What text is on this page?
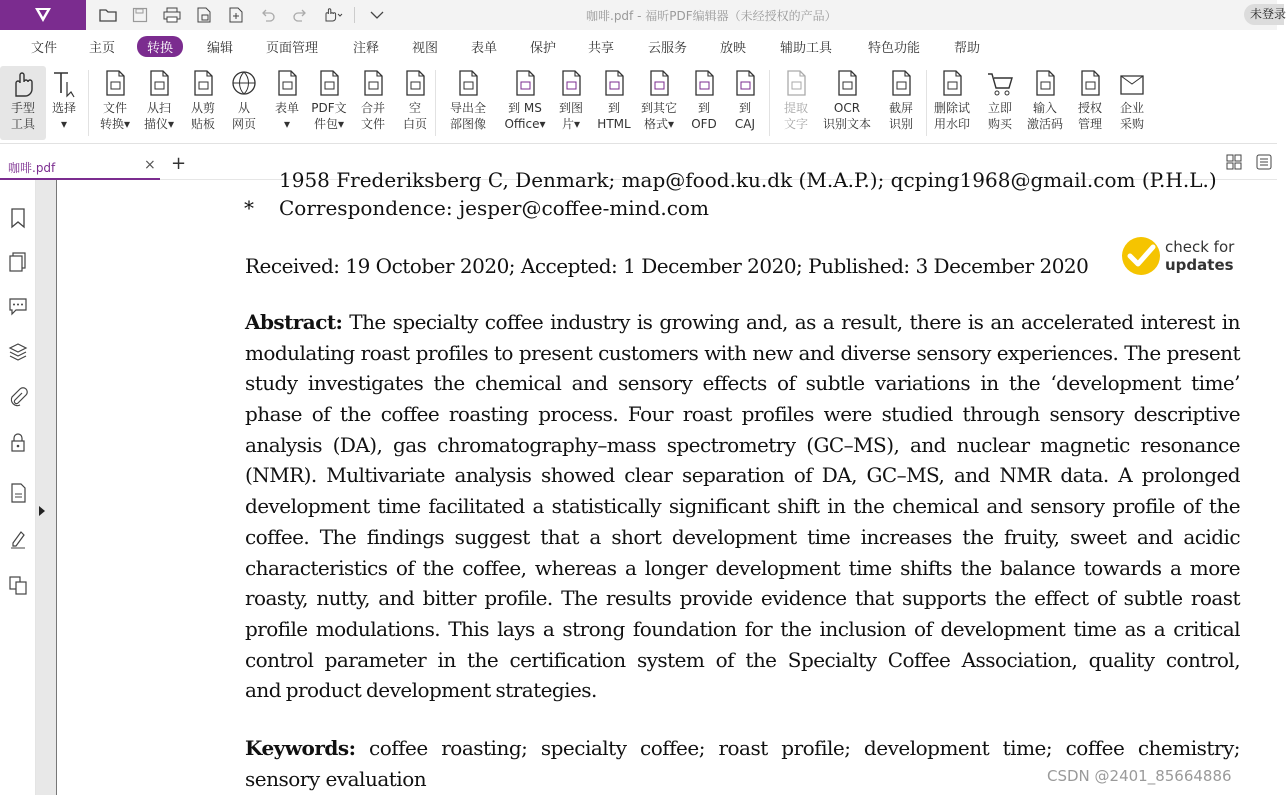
咖啡.pdf - 福昕PDF编辑器（未经授权的产品）	未登录
文件 主页	转换	编辑	页面管理	注释	视图	表单	保护 共享	云服务	放映	辅助工具	特色功能	帮助
手型
工具
选择
▾
文件
转换▾
从扫
描仪▾
从剪
贴板
从
网页
表单
▾
PDF文
件包▾
合并
文件
空
白页
导出全
部图像
到 MS
Office▾
到图
片▾
到
HTML
到其它
格式▾
到
OFD
到
CAJ
提取
文字
OCR
识别文本
截屏
识别
删除试
用水印
立即
购买
输入
激活码
授权
管理
企业
采购
咖啡.pdf	× +
1958 Frederiksberg C, Denmark; map@food.ku.dk (M.A.P.); qcping1968@gmail.com (P.H.L.)
* Correspondence: jesper@coffee-mind.com
Received: 19 October 2020; Accepted: 1 December 2020; Published: 3 December 2020
check for
updates
Abstract: The specialty coffee industry is growing and, as a result, there is an accelerated interest in
modulating roast profiles to present customers with new and diverse sensory experiences. The present
study investigates the chemical and sensory effects of subtle variations in the ‘development time’
phase of the coffee roasting process. Four roast profiles were studied through sensory descriptive
analysis (DA), gas chromatography–mass spectrometry (GC–MS), and nuclear magnetic resonance
(NMR). Multivariate analysis showed clear separation of DA, GC–MS, and NMR data. A prolonged
development time facilitated a statistically significant shift in the chemical and sensory profile of the
coffee. The findings suggest that a short development time increases the fruity, sweet and acidic
characteristics of the coffee, whereas a longer development time shifts the balance towards a more
roasty, nutty, and bitter profile. The results provide evidence that supports the effect of subtle roast
profile modulations. This lays a strong foundation for the inclusion of development time as a critical
control parameter in the certification system of the Specialty Coffee Association, quality control,
and product development strategies.
Keywords: coffee roasting; specialty coffee; roast profile; development time; coffee chemistry;
sensory evaluation	CSDN @2401_85664886
